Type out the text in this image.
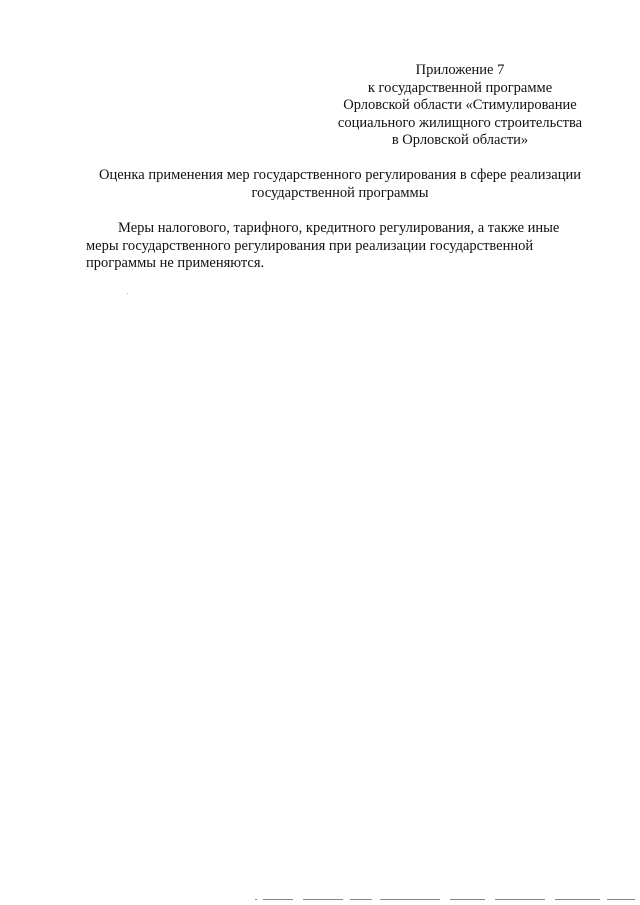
Приложение 7
к государственной программе
Орловской области «Стимулирование
социального жилищного строительства
в Орловской области»
Оценка применения мер государственного регулирования в сфере реализации
государственной программы
Меры налогового, тарифного, кредитного регулирования, а также иные
меры государственного регулирования при реализации государственной
программы не применяются.
